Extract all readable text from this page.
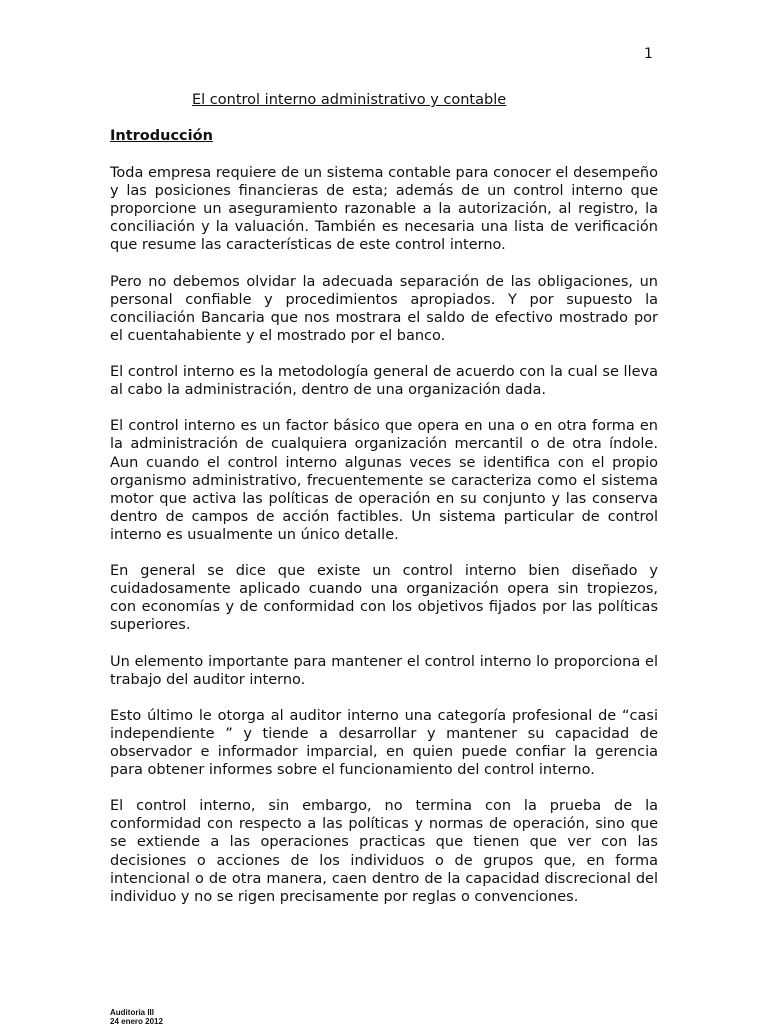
1
El control interno administrativo y contable
Introducción

Toda empresa requiere de un sistema contable para conocer el desempeño y las posiciones financieras de esta; además de un control interno que proporcione un aseguramiento razonable a la autorización, al registro, la conciliación y la valuación. También es necesaria una lista de verificación que resume las características de este control interno.

Pero no debemos olvidar la adecuada separación de las obligaciones, un personal confiable y procedimientos apropiados. Y por supuesto la conciliación Bancaria que nos mostrara el saldo de efectivo mostrado por el cuentahabiente y el mostrado por el banco.

El control interno es la metodología general de acuerdo con la cual se lleva al cabo la administración, dentro de una organización dada.

El control interno es un factor básico que opera en una o en otra forma en la administración de cualquiera organización mercantil o de otra índole. Aun cuando el control interno algunas veces se identifica con el propio organismo administrativo, frecuentemente se caracteriza como el sistema motor que activa las políticas de operación en su conjunto y las conserva dentro de campos de acción factibles. Un sistema particular de control interno es usualmente un único detalle.

En general se dice que existe un control interno bien diseñado y cuidadosamente aplicado cuando una organización opera sin tropiezos, con economías y de conformidad con los objetivos fijados por las políticas superiores.

Un elemento importante para mantener el control interno lo proporciona el trabajo del auditor interno.

Esto último le otorga al auditor interno una categoría profesional de “casi independiente ” y tiende a desarrollar y mantener su capacidad de observador e informador imparcial, en quien puede confiar la gerencia para obtener informes sobre el funcionamiento del control interno.

El control interno, sin embargo, no termina con la prueba de la conformidad con respecto a las políticas y normas de operación, sino que se extiende a las operaciones practicas que tienen que ver con las decisiones o acciones de los individuos o de grupos que, en forma intencional o de otra manera, caen dentro de la capacidad discrecional del individuo y no se rigen precisamente por reglas o convenciones.

Auditoria III
24 enero 2012
